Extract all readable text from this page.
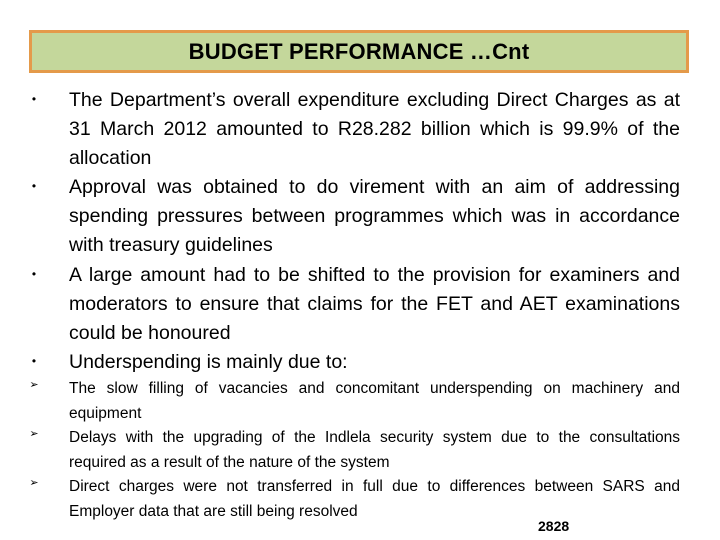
BUDGET PERFORMANCE …Cnt
• The Department’s overall expenditure excluding Direct Charges as at 31 March 2012 amounted to R28.282 billion which is 99.9% of the allocation
• Approval was obtained to do virement with an aim of addressing spending pressures between programmes which was in accordance with treasury guidelines
• A large amount had to be shifted to the provision for examiners and moderators to ensure that claims for the FET and AET examinations could be honoured
• Underspending is mainly due to:
➢ The slow filling of vacancies and concomitant underspending on machinery and equipment
➢ Delays with the upgrading of the Indlela security system due to the consultations required as a result of the nature of the system
➢ Direct charges were not transferred in full due to differences between SARS and Employer data that are still being resolved
2828
